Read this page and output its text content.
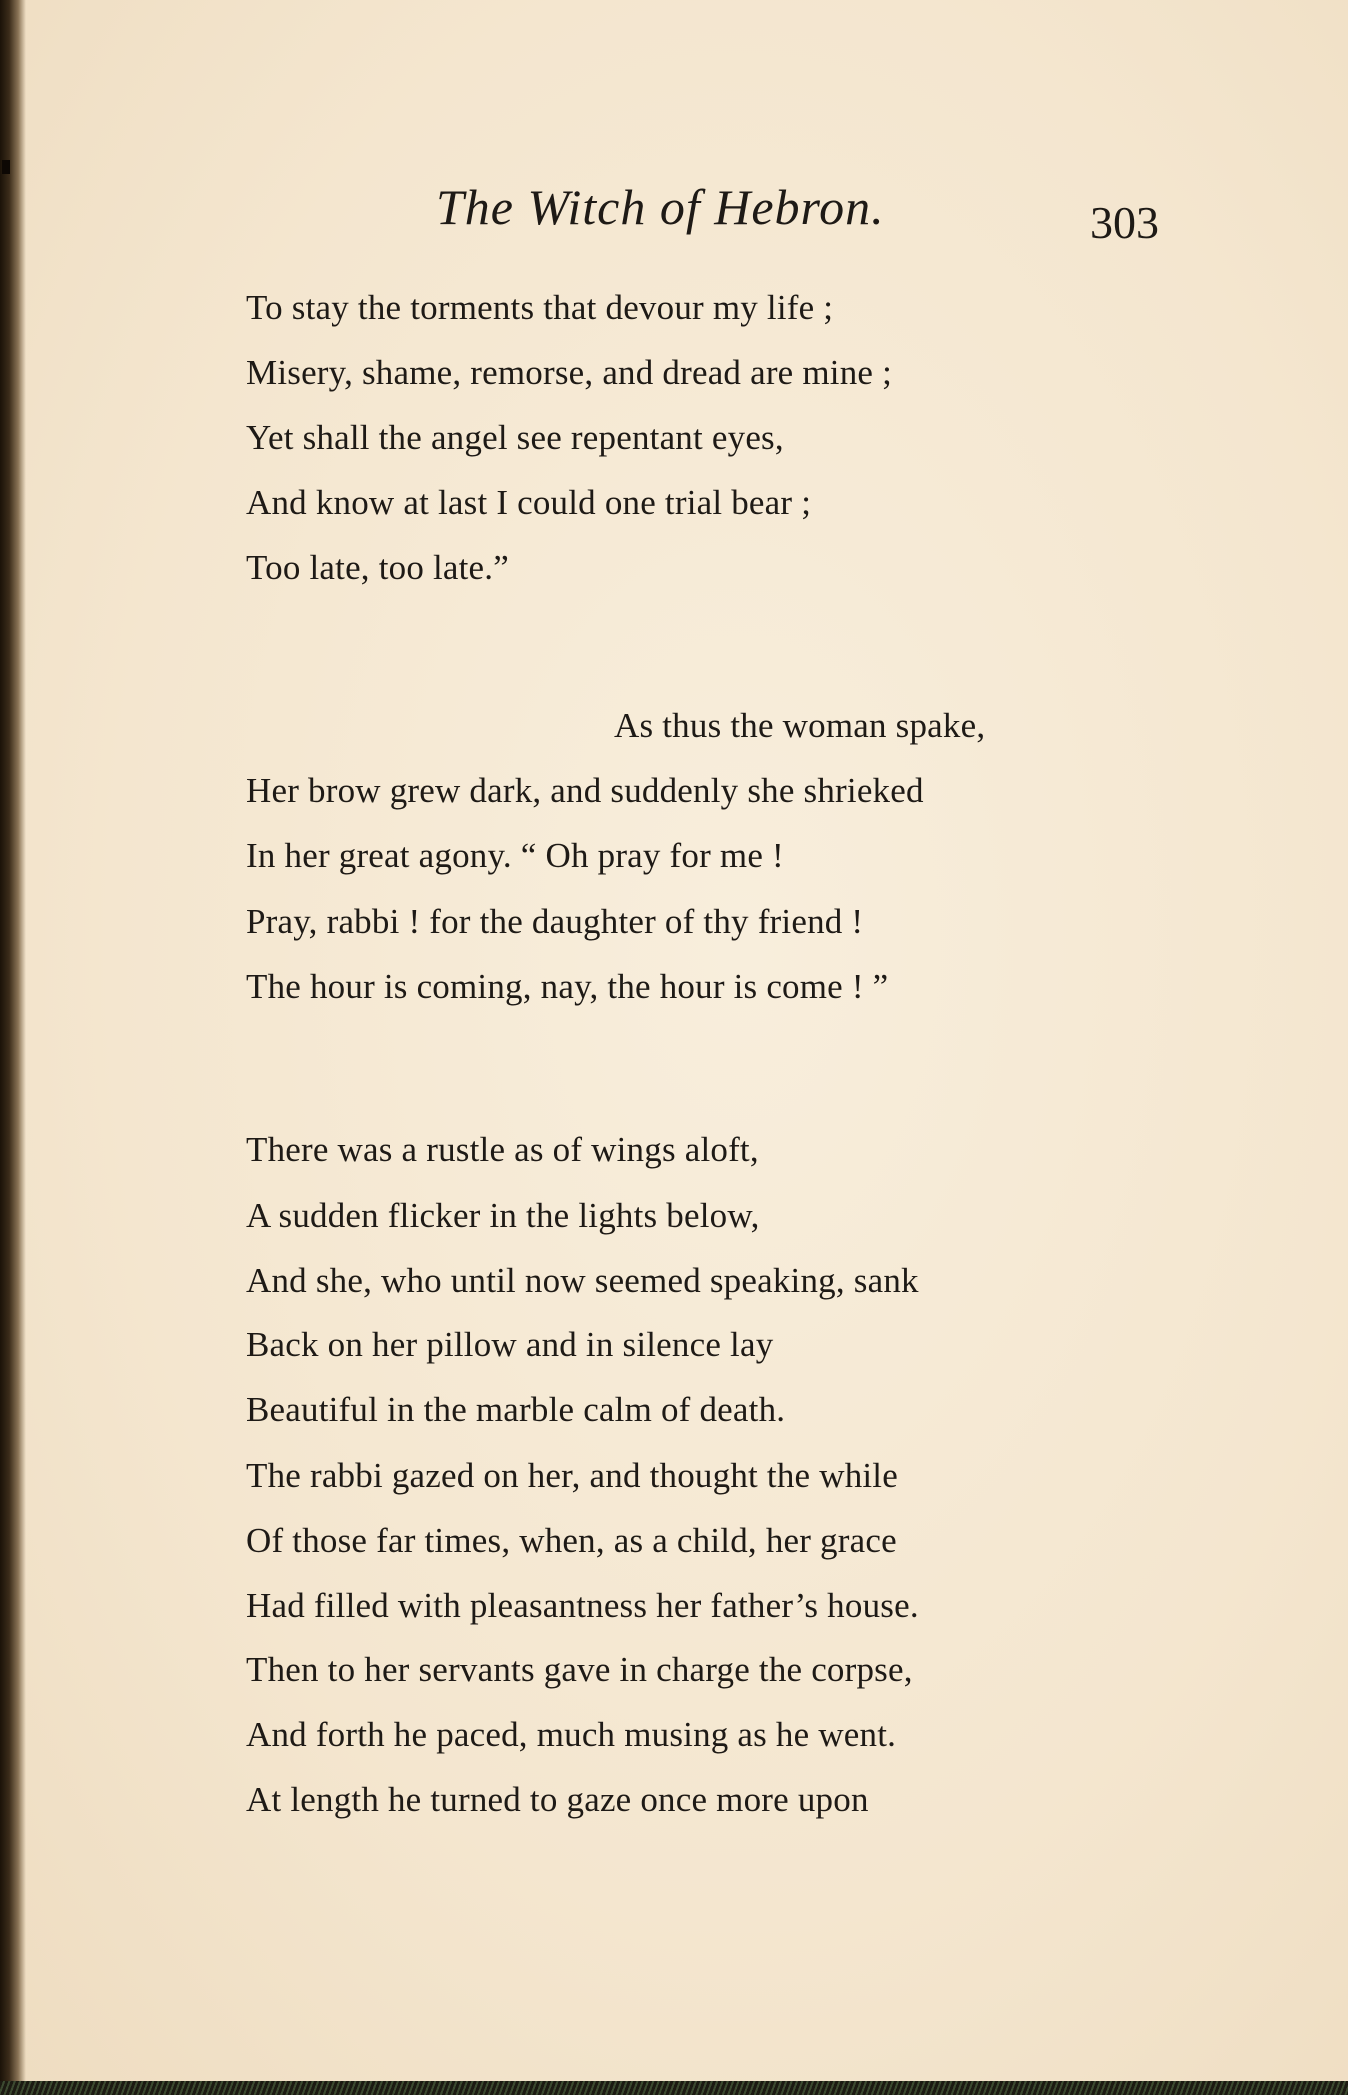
The Witch of Hebron.	303
To stay the torments that devour my life ;
Misery, shame, remorse, and dread are mine ;
Yet shall the angel see repentant eyes,
And know at last I could one trial bear ;
Too late, too late.”
As thus the woman spake,
Her brow grew dark, and suddenly she shrieked
In her great agony. “ Oh pray for me !
Pray, rabbi ! for the daughter of thy friend !
The hour is coming, nay, the hour is come ! ”
There was a rustle as of wings aloft,
A sudden flicker in the lights below,
And she, who until now seemed speaking, sank
Back on her pillow and in silence lay
Beautiful in the marble calm of death.
The rabbi gazed on her, and thought the while
Of those far times, when, as a child, her grace
Had filled with pleasantness her father’s house.
Then to her servants gave in charge the corpse,
And forth he paced, much musing as he went.
At length he turned to gaze once more upon
